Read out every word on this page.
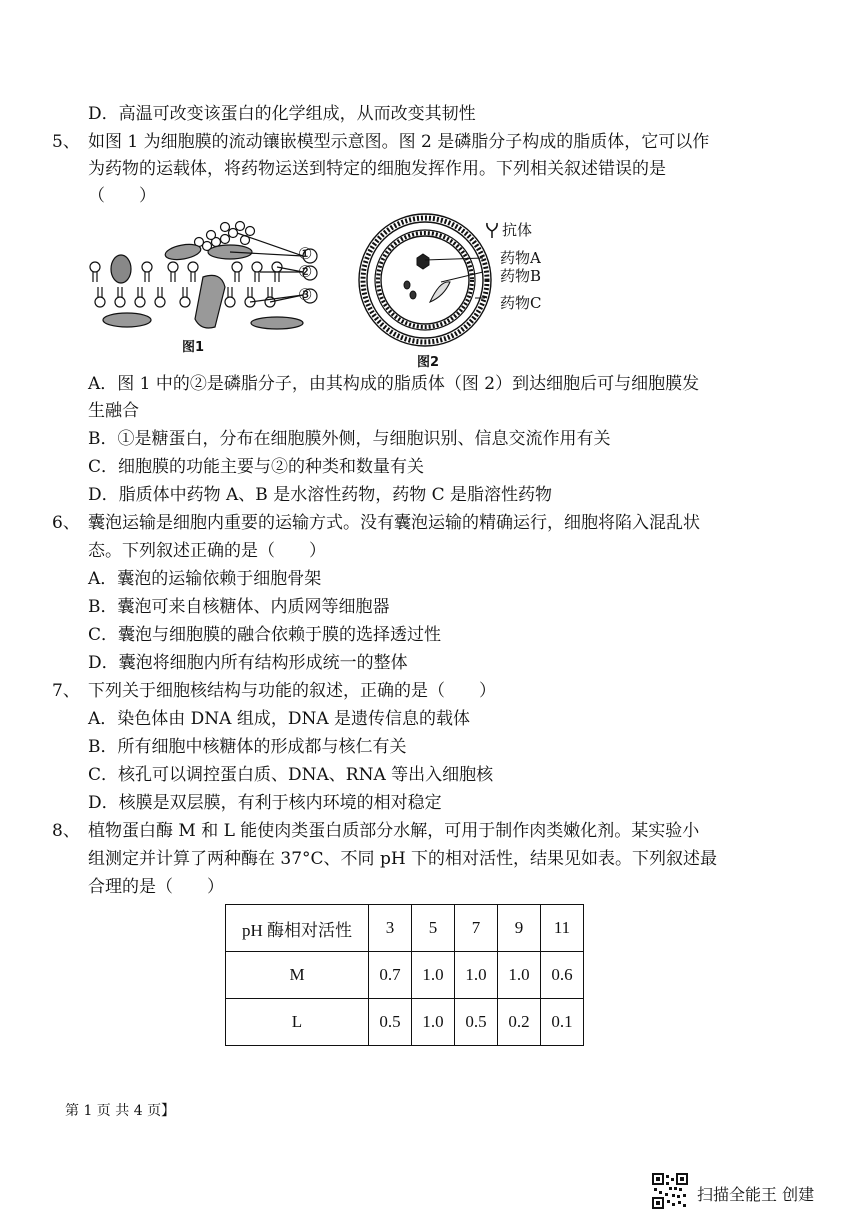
D．高温可改变该蛋白的化学组成，从而改变其韧性
5、 如图 1 为细胞膜的流动镶嵌模型示意图。图 2 是磷脂分子构成的脂质体，它可以作
为药物的运载体，将药物运送到特定的细胞发挥作用。下列相关叙述错误的是
（　　）
①
②
③
图1
抗体
药物A
药物B
药物C
图2
A．图 1 中的②是磷脂分子，由其构成的脂质体（图 2）到达细胞后可与细胞膜发
生融合
B．①是糖蛋白，分布在细胞膜外侧，与细胞识别、信息交流作用有关
C．细胞膜的功能主要与②的种类和数量有关
D．脂质体中药物 A、B 是水溶性药物，药物 C 是脂溶性药物
6、 囊泡运输是细胞内重要的运输方式。没有囊泡运输的精确运行，细胞将陷入混乱状
态。下列叙述正确的是（　　）
A．囊泡的运输依赖于细胞骨架
B．囊泡可来自核糖体、内质网等细胞器
C．囊泡与细胞膜的融合依赖于膜的选择透过性
D．囊泡将细胞内所有结构形成统一的整体
7、 下列关于细胞核结构与功能的叙述，正确的是（　　）
A．染色体由 DNA 组成，DNA 是遗传信息的载体
B．所有细胞中核糖体的形成都与核仁有关
C．核孔可以调控蛋白质、DNA、RNA 等出入细胞核
D．核膜是双层膜，有利于核内环境的相对稳定
8、 植物蛋白酶 M 和 L 能使肉类蛋白质部分水解，可用于制作肉类嫩化剂。某实验小
组测定并计算了两种酶在 37°C、不同 pH 下的相对活性，结果见如表。下列叙述最
合理的是（　　）
pH 酶相对活性	3	5	7	9	11
M	0.7	1.0	1.0	1.0	0.6
L	0.5	1.0	0.5	0.2	0.1
第 1 页 共 4 页】
扫描全能王 创建
